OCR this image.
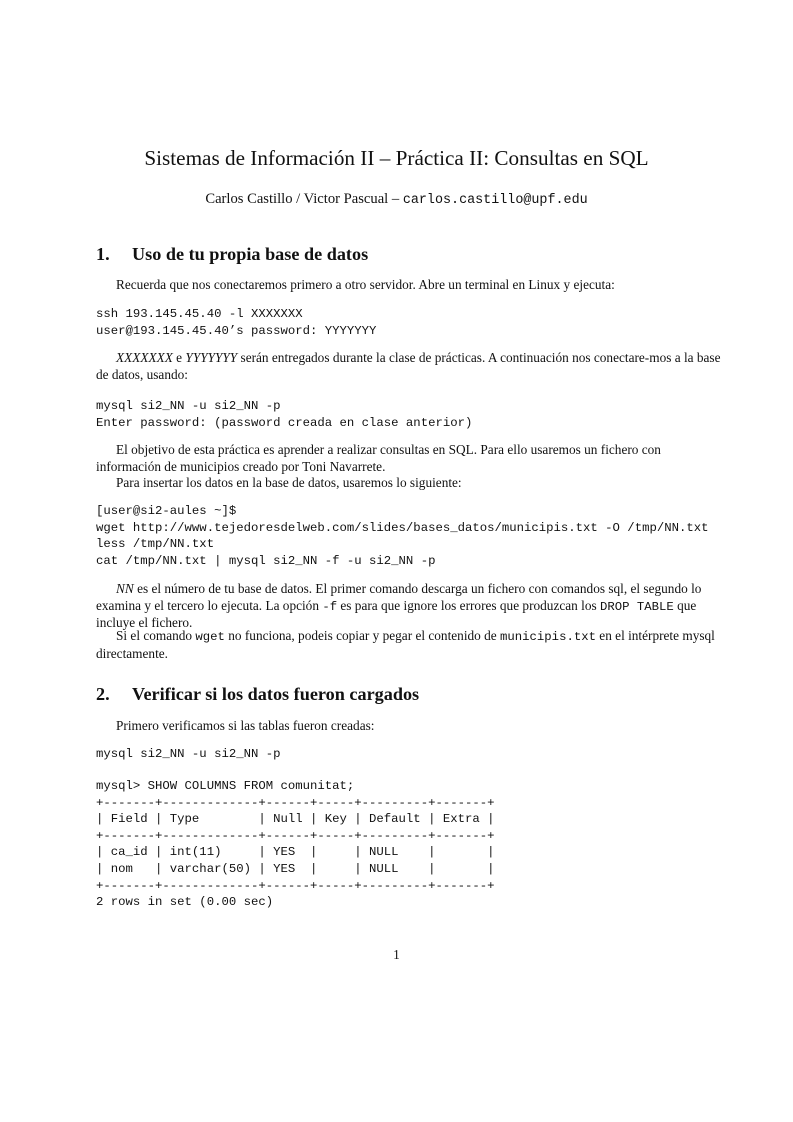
Sistemas de Información II – Práctica II: Consultas en SQL
Carlos Castillo / Victor Pascual – carlos.castillo@upf.edu
1. Uso de tu propia base de datos
Recuerda que nos conectaremos primero a otro servidor. Abre un terminal en Linux y ejecuta:
ssh 193.145.45.40 -l XXXXXXX
user@193.145.45.40’s password: YYYYYYY
XXXXXXX e YYYYYYY serán entregados durante la clase de prácticas. A continuación nos conectare-mos a la base de datos, usando:
mysql si2_NN -u si2_NN -p
Enter password: (password creada en clase anterior)
El objetivo de esta práctica es aprender a realizar consultas en SQL. Para ello usaremos un fichero con información de municipios creado por Toni Navarrete.
Para insertar los datos en la base de datos, usaremos lo siguiente:
[user@si2-aules ~]$
wget http://www.tejedoresdelweb.com/slides/bases_datos/municipis.txt -O /tmp/NN.txt
less /tmp/NN.txt
cat /tmp/NN.txt | mysql si2_NN -f -u si2_NN -p
NN es el número de tu base de datos. El primer comando descarga un fichero con comandos sql, el segundo lo examina y el tercero lo ejecuta. La opción -f es para que ignore los errores que produzcan los DROP TABLE que incluye el fichero.
Si el comando wget no funciona, podeis copiar y pegar el contenido de municipis.txt en el intérprete mysql directamente.
2. Verificar si los datos fueron cargados
Primero verificamos si las tablas fueron creadas:
mysql si2_NN -u si2_NN -p
mysql> SHOW COLUMNS FROM comunitat;
+-------+-------------+------+-----+---------+-------+
| Field | Type        | Null | Key | Default | Extra |
+-------+-------------+------+-----+---------+-------+
| ca_id | int(11)     | YES  |     | NULL    |       |
| nom   | varchar(50) | YES  |     | NULL    |       |
+-------+-------------+------+-----+---------+-------+
2 rows in set (0.00 sec)
1
